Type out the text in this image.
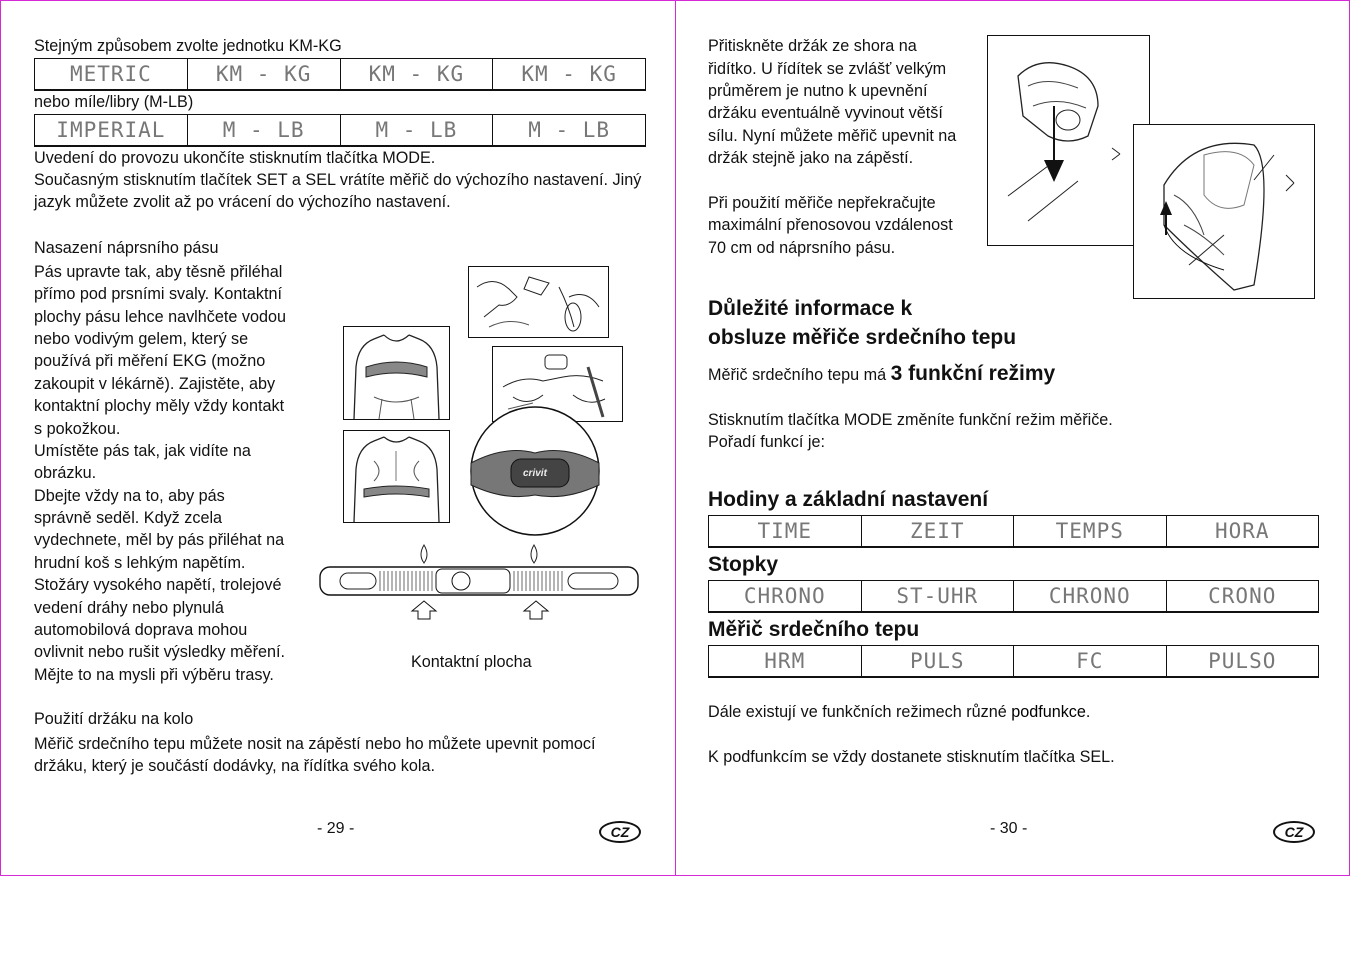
Stejným způsobem zvolte jednotku KM-KG
METRIC	KM - KG	KM - KG	KM - KG
nebo míle/libry (M-LB)
IMPERIAL	M - LB	M - LB	M - LB
Uvedení do provozu ukončíte stisknutím tlačítka MODE.
Současným stisknutím tlačítek SET a SEL vrátíte měřič do výchozího nastavení. Jiný
jazyk můžete zvolit až po vrácení do výchozího nastavení.
Nasazení náprsního pásu
Pás upravte tak, aby těsně přiléhal
přímo pod prsními svaly. Kontaktní
plochy pásu lehce navlhčete vodou
nebo vodivým gelem, který se
používá při měření EKG (možno
zakoupit v lékárně). Zajistěte, aby
kontaktní plochy měly vždy kontakt
s pokožkou.
Umístěte pás tak, jak vidíte na
obrázku.
Dbejte vždy na to, aby pás
správně seděl. Když zcela
vydechnete, měl by pás přiléhat na
hrudní koš s lehkým napětím.
Stožáry vysokého napětí, trolejové
vedení dráhy nebo plynulá
automobilová doprava mohou
ovlivnit nebo rušit výsledky měření.
Mějte to na mysli při výběru trasy.
crivit
Kontaktní plocha
Použití držáku na kolo
Měřič srdečního tepu můžete nosit na zápěstí nebo ho můžete upevnit pomocí
držáku, který je součástí dodávky, na řídítka svého kola.
- 29 -	CZ
Přitiskněte držák ze shora na
řidítko. U řídítek se zvlášť velkým
průměrem je nutno k upevnění
držáku eventuálně vyvinout větší
sílu. Nyní můžete měřič upevnit na
držák stejně jako na zápěstí.
Při použití měřiče nepřekračujte
maximální přenosovou vzdálenost
70 cm od náprsního pásu.
Důležité informace k
obsluze měřiče srdečního tepu
Měřič srdečního tepu má 3 funkční režimy
Stisknutím tlačítka MODE změníte funkční režim měřiče.
Pořadí funkcí je:
Hodiny a základní nastavení
TIME	ZEIT	TEMPS	HORA
Stopky
CHRONO	ST-UHR	CHRONO	CRONO
Měřič srdečního tepu
HRM	PULS	FC	PULSO
Dále existují ve funkčních režimech různé podfunkce.
K podfunkcím se vždy dostanete stisknutím tlačítka SEL.
- 30 -	CZ
